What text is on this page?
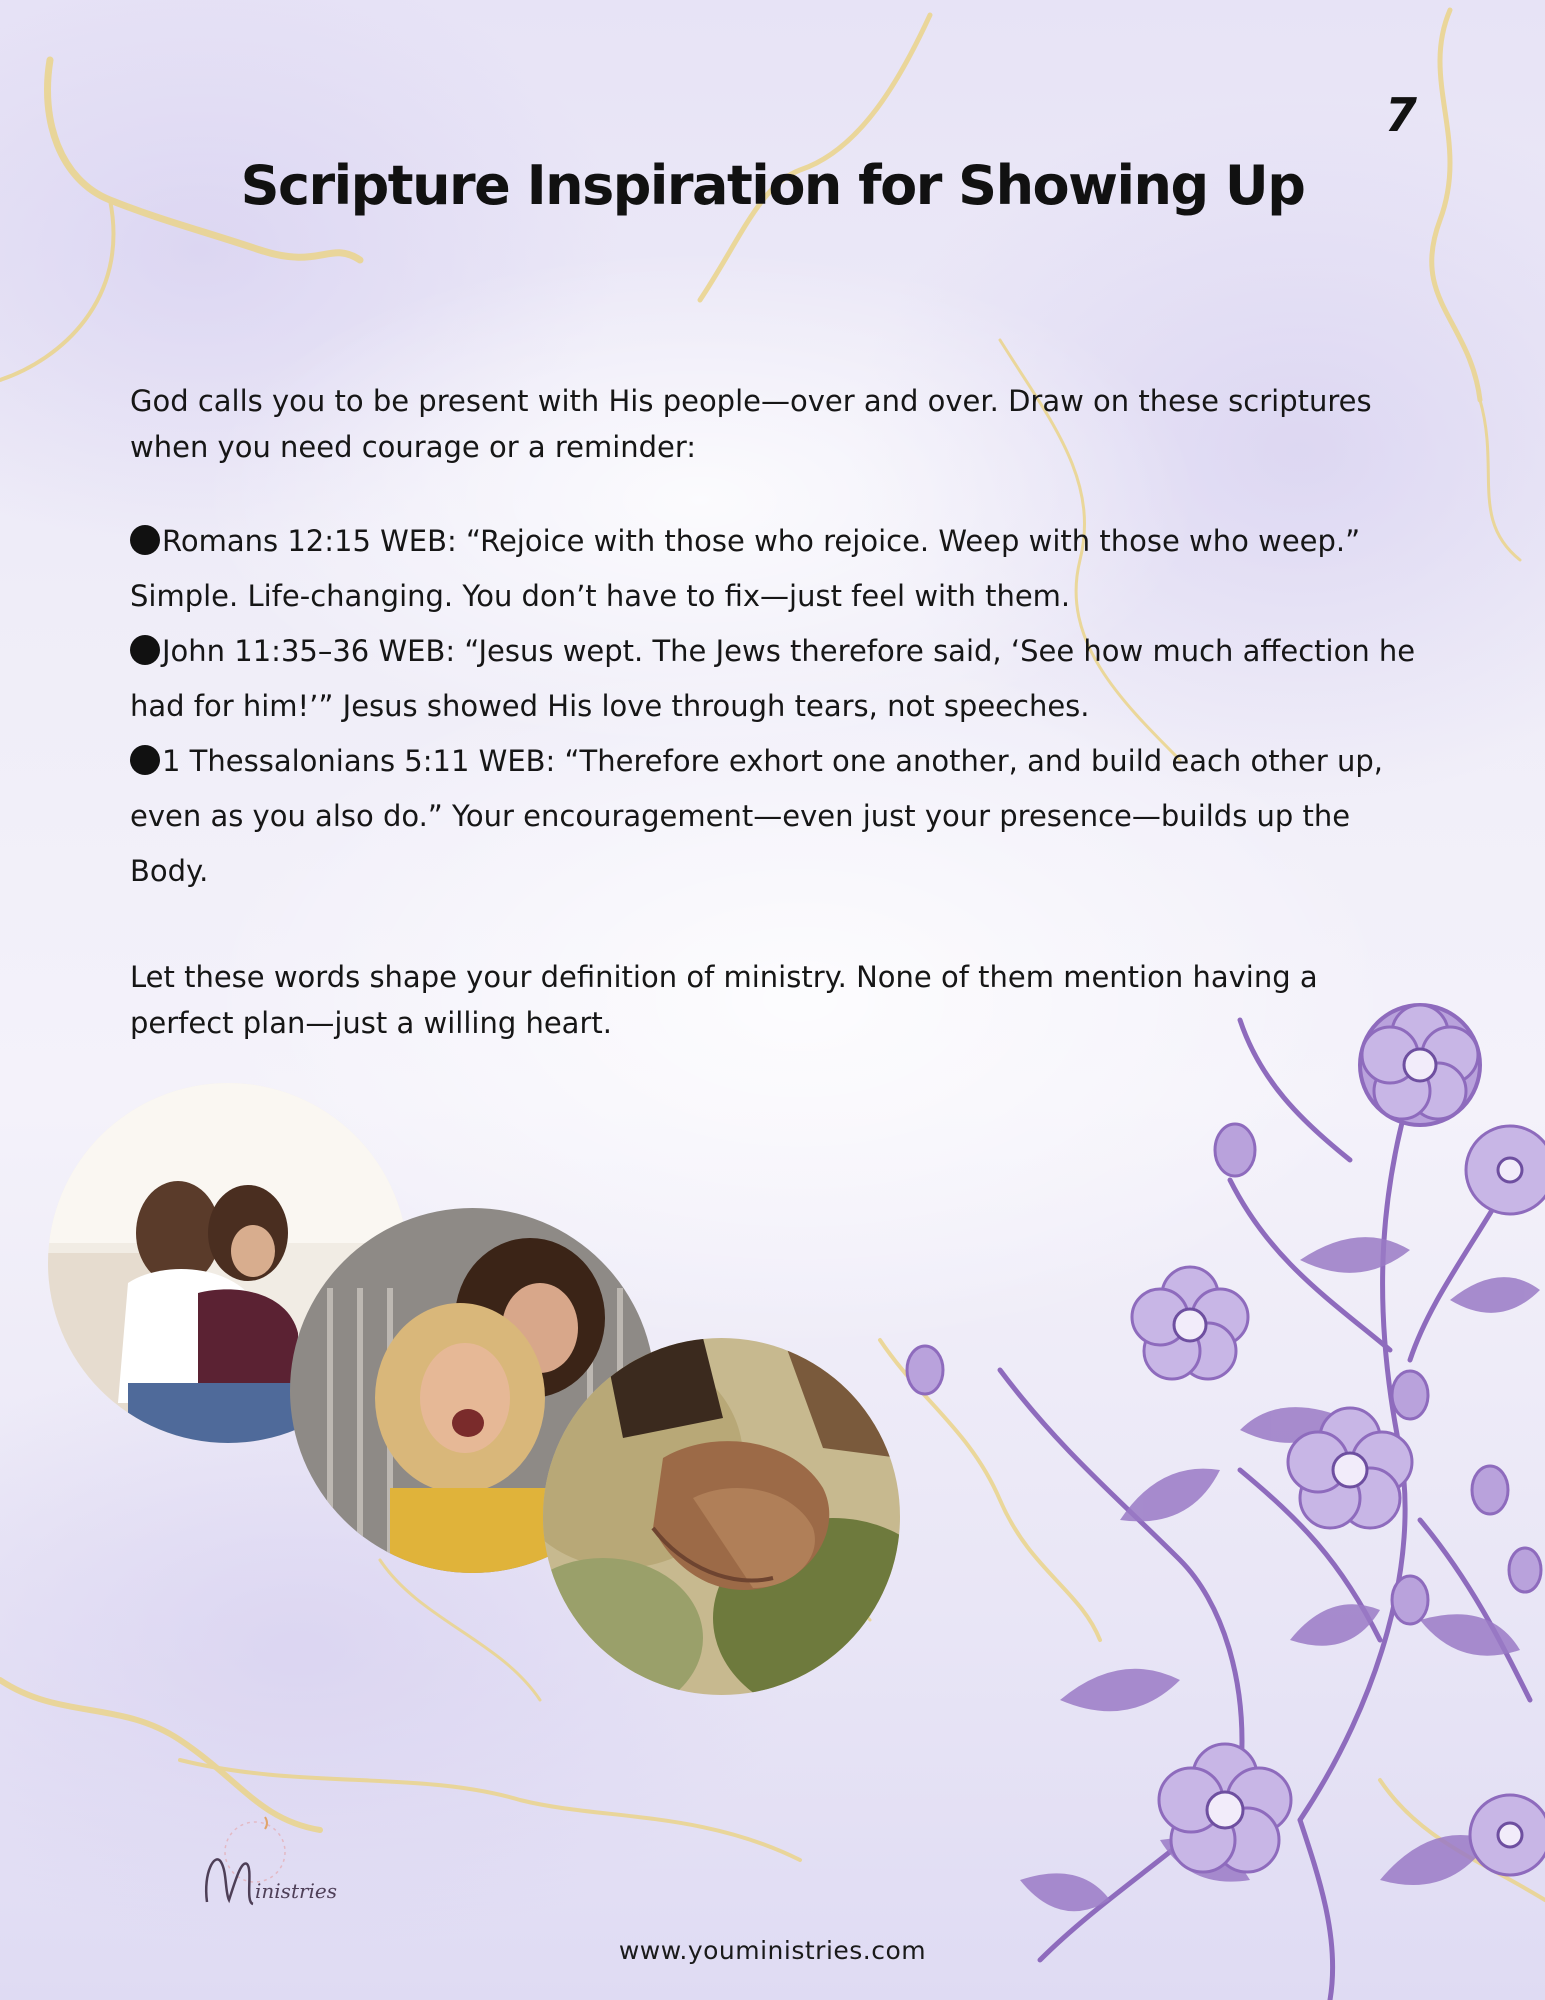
7
Scripture Inspiration for Showing Up
God calls you to be present with His people—over and over. Draw on these scriptures when you need courage or a reminder:
Romans 12:15 WEB: “Rejoice with those who rejoice. Weep with those who weep.” Simple. Life-changing. You don’t have to fix—just feel with them.
John 11:35–36 WEB: “Jesus wept. The Jews therefore said, ‘See how much affection he had for him!’” Jesus showed His love through tears, not speeches.
1 Thessalonians 5:11 WEB: “Therefore exhort one another, and build each other up, even as you also do.” Your encouragement—even just your presence—builds up the Body.
Let these words shape your definition of ministry. None of them mention having a perfect plan—just a willing heart.
inistries
www.youministries.com
